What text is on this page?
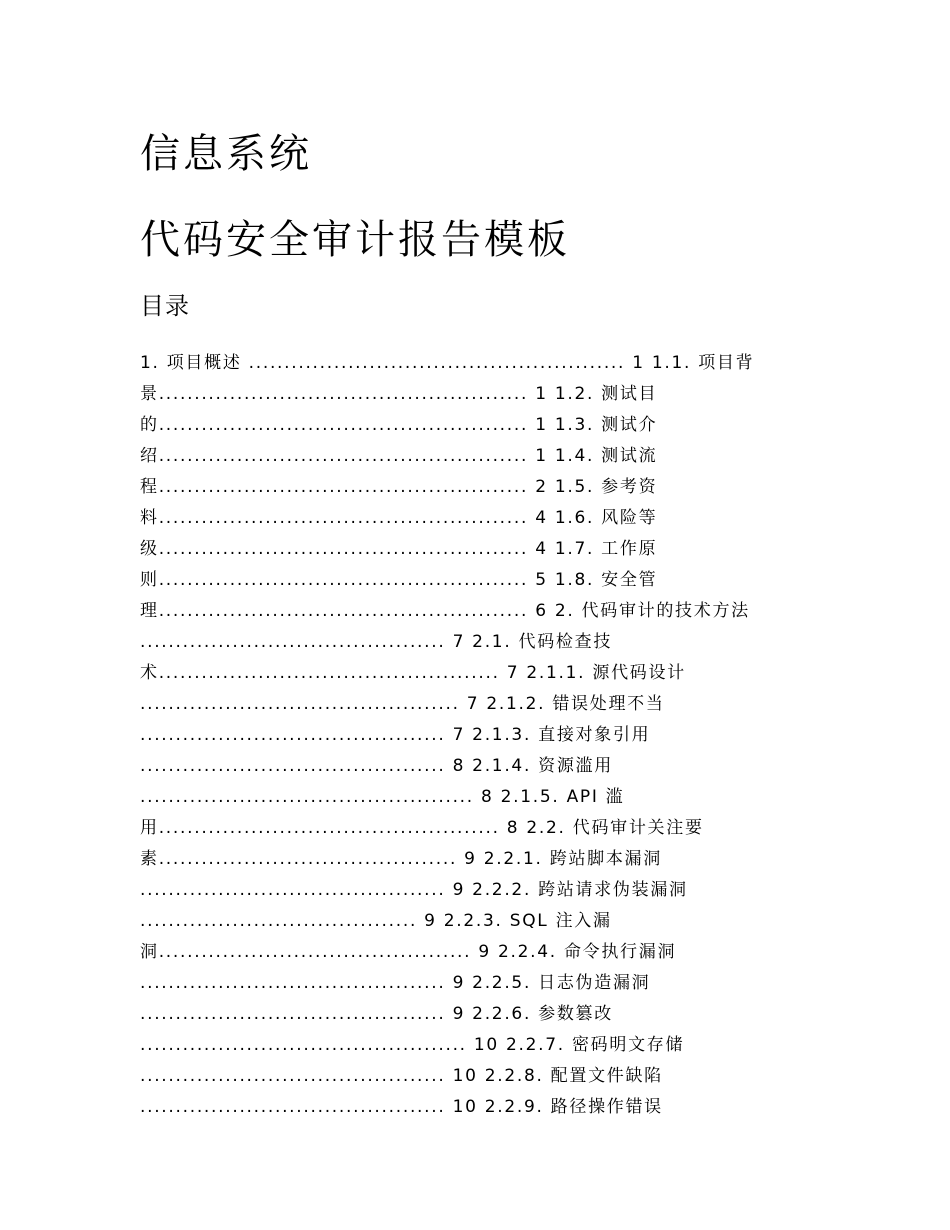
信息系统
代码安全审计报告模板
目录
1. 项目概述 ..................................................... 1 1.1. 项目背
景.................................................... 1 1.2. 测试目
的.................................................... 1 1.3. 测试介
绍.................................................... 1 1.4. 测试流
程.................................................... 2 1.5. 参考资
料.................................................... 4 1.6. 风险等
级.................................................... 4 1.7. 工作原
则.................................................... 5 1.8. 安全管
理.................................................... 6 2. 代码审计的技术方法
........................................... 7 2.1. 代码检查技
术................................................ 7 2.1.1. 源代码设计
............................................. 7 2.1.2. 错误处理不当
........................................... 7 2.1.3. 直接对象引用
........................................... 8 2.1.4. 资源滥用
............................................... 8 2.1.5. API 滥
用................................................ 8 2.2. 代码审计关注要
素.......................................... 9 2.2.1. 跨站脚本漏洞
........................................... 9 2.2.2. 跨站请求伪装漏洞
....................................... 9 2.2.3. SQL 注入漏
洞............................................ 9 2.2.4. 命令执行漏洞
........................................... 9 2.2.5. 日志伪造漏洞
........................................... 9 2.2.6. 参数篡改
.............................................. 10 2.2.7. 密码明文存储
........................................... 10 2.2.8. 配置文件缺陷
........................................... 10 2.2.9. 路径操作错误
